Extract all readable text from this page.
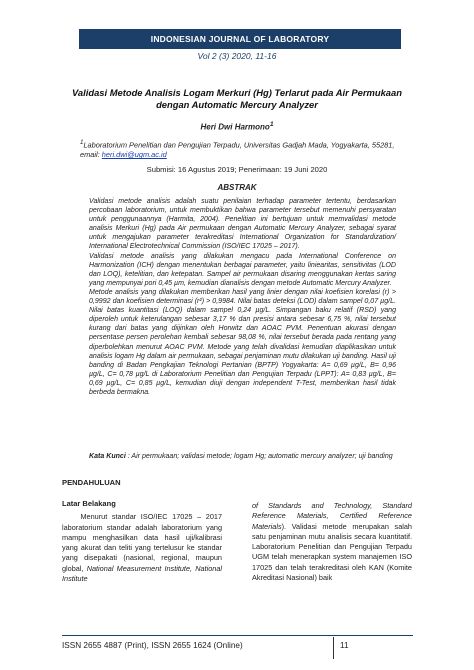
INDONESIAN JOURNAL OF LABORATORY
Vol 2 (3) 2020, 11-16
Validasi Metode Analisis Logam Merkuri (Hg) Terlarut pada Air Permukaan
dengan Automatic Mercury Analyzer
Heri Dwi Harmono$^1$
$^1$Laboratorium Penelitian dan Pengujian Terpadu, Universitas Gadjah Mada, Yogyakarta, 55281, email: heri.dwi@ugm.ac.id
Submisi: 16 Agustus 2019; Penerimaan: 19 Juni 2020
ABSTRAK

Validasi metode analisis adalah suatu penilaian terhadap parameter tertentu, berdasarkan percobaan laboratorium, untuk membuktikan bahwa parameter tersebut memenuhi persyaratan untuk penggunaannya (Harmita, 2004). Penelitian ini bertujuan untuk memvalidasi metode analisis Merkuri (Hg) pada Air permukaan dengan Automatic Mercury Analyzer, sebagai syarat untuk mengajukan parameter terakreditasi International Organization for Standardization/ International Electrotechnical Commission (ISO/IEC 17025 – 2017).

Validasi metode analisis yang dilakukan mengacu pada International Conference on Harmonization (ICH) dengan menentukan berbagai parameter, yaitu liniearitas, sensitivitas (LOD dan LOQ), ketelitian, dan ketepatan. Sampel air permukaan disaring menggunakan kertas saring yang mempunyai pori 0,45 µm, kemudian dianalisis dengan metode Automatic Mercury Analyzer.

Metode analisis yang dilakukan memberikan hasil yang linier dengan nilai koefisien korelasi (r) > 0,9992 dan koefisien determinasi (r²) > 0,9984. Nilai batas deteksi (LOD) dalam sampel 0,07 µg/L. Nilai batas kuantitasi (LOQ) dalam sampel 0,24 µg/L. Simpangan baku relatif (RSD) yang diperoleh untuk keterulangan sebesar 3,17 % dan presisi antara sebesar 6,75 %, nilai tersebut kurang dari batas yang diijinkan oleh Horwitz dan AOAC PVM. Penentuan akurasi dengan persentase persen perolehan kembali sebesar 98,08 %, nilai tersebut berada pada rentang yang diperbolehkan menurut AOAC PVM. Metode yang telah divalidasi kemudian diaplikasikan untuk analisis logam Hg dalam air permukaan, sebagai penjaminan mutu dilakukan uji banding. Hasil uji banding di Badan Pengkajian Teknologi Pertanian (BPTP) Yogyakarta: A= 0,69 µg/L, B= 0,96 µg/L, C= 0,78 µg/L di Laboratorium Penelitian dan Pengujian Terpadu (LPPT): A= 0,83 µg/L, B= 0,69 µg/L, C= 0,85 µg/L, kemudian diuji dengan independent T-Test, memberikan hasil tidak berbeda bermakna.

Kata Kunci : Air permukaan; validasi metode; logam Hg; automatic mercury analyzer; uji banding
PENDAHULUAN
Latar Belakang

Menurut standar ISO/IEC 17025 – 2017 laboratorium standar adalah laboratorium yang mampu menghasilkan data hasil uji/kalibrasi yang akurat dan teliti yang tertelusur ke standar yang disepakati (nasional, regional, maupun global, National Measurement Institute, National Institute

of Standards and Technology, Standard Reference Materials, Certified Reference Materials). Validasi metode merupakan salah satu penjaminan mutu analisis secara kuantitatif. Laboratorium Penelitian dan Pengujian Terpadu UGM telah menerapkan system manajemen ISO 17025 dan telah terakreditasi oleh KAN (Komite Akreditasi Nasional) baik

ISSN 2655 4887 (Print), ISSN 2655 1624 (Online)	11
